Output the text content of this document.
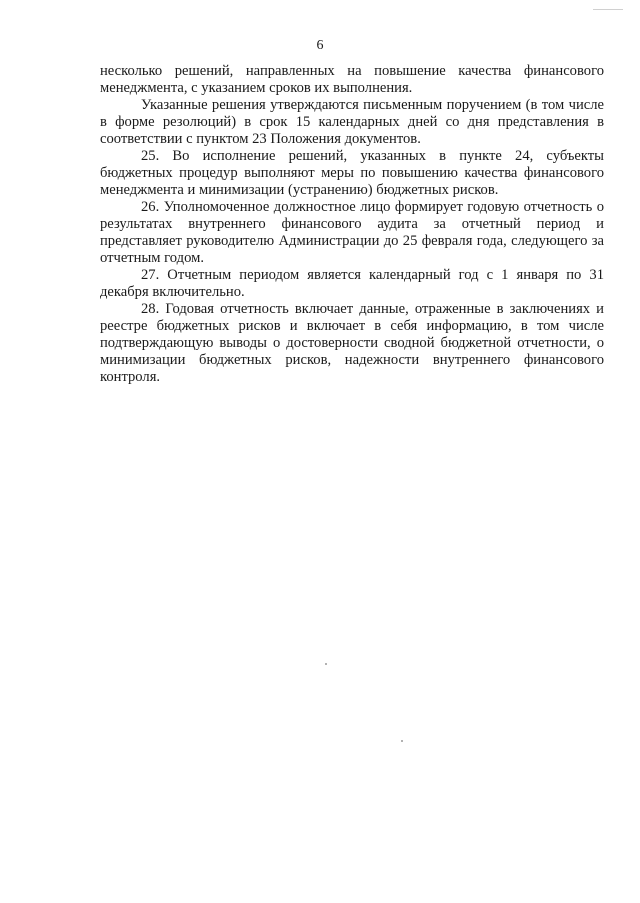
6

несколько решений, направленных на повышение качества финансового менеджмента, с указанием сроков их выполнения.

Указанные решения утверждаются письменным поручением (в том числе в форме резолюций) в срок 15 календарных дней со дня представления в соответствии с пунктом 23 Положения документов.

25. Во исполнение решений, указанных в пункте 24, субъекты бюджетных процедур выполняют меры по повышению качества финансового менеджмента и минимизации (устранению) бюджетных рисков.

26. Уполномоченное должностное лицо формирует годовую отчетность о результатах внутреннего финансового аудита за отчетный период и представляет руководителю Администрации до 25 февраля года, следующего за отчетным годом.

27. Отчетным периодом является календарный год с 1 января по 31 декабря включительно.

28. Годовая отчетность включает данные, отраженные в заключениях и реестре бюджетных рисков и включает в себя информацию, в том числе подтверждающую выводы о достоверности сводной бюджетной отчетности, о минимизации бюджетных рисков, надежности внутреннего финансового контроля.
